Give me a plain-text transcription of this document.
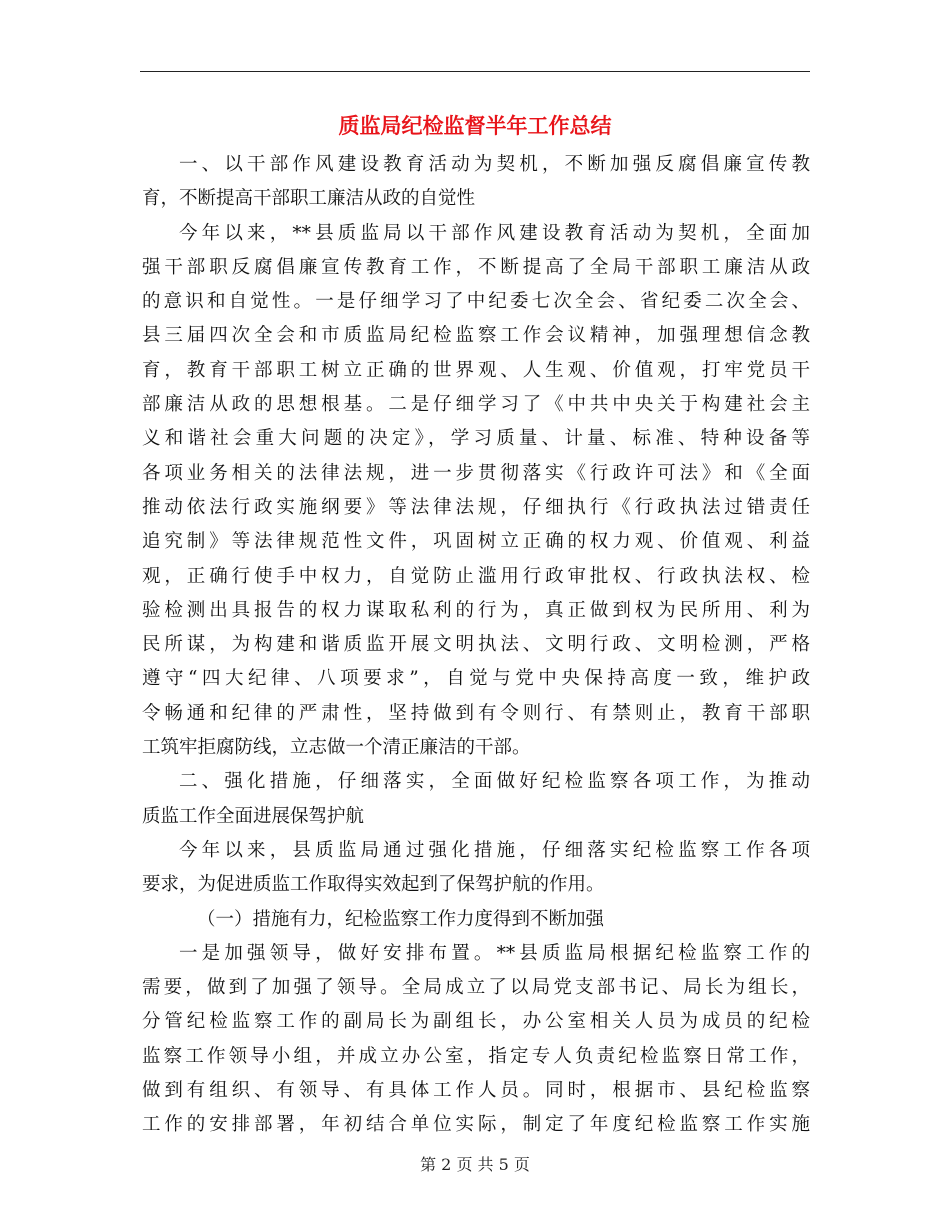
质监局纪检监督半年工作总结
一、以干部作风建设教育活动为契机，不断加强反腐倡廉宣传教
育，不断提高干部职工廉洁从政的自觉性
今年以来，**县质监局以干部作风建设教育活动为契机，全面加
强干部职反腐倡廉宣传教育工作，不断提高了全局干部职工廉洁从政
的意识和自觉性。一是仔细学习了中纪委七次全会、省纪委二次全会、
县三届四次全会和市质监局纪检监察工作会议精神，加强理想信念教
育，教育干部职工树立正确的世界观、人生观、价值观，打牢党员干
部廉洁从政的思想根基。二是仔细学习了《中共中央关于构建社会主
义和谐社会重大问题的决定》，学习质量、计量、标准、特种设备等
各项业务相关的法律法规，进一步贯彻落实《行政许可法》和《全面
推动依法行政实施纲要》等法律法规，仔细执行《行政执法过错责任
追究制》等法律规范性文件，巩固树立正确的权力观、价值观、利益
观，正确行使手中权力，自觉防止滥用行政审批权、行政执法权、检
验检测出具报告的权力谋取私利的行为，真正做到权为民所用、利为
民所谋，为构建和谐质监开展文明执法、文明行政、文明检测，严格
遵守“四大纪律、八项要求”，自觉与党中央保持高度一致，维护政
令畅通和纪律的严肃性，坚持做到有令则行、有禁则止，教育干部职
工筑牢拒腐防线，立志做一个清正廉洁的干部。
二、强化措施，仔细落实，全面做好纪检监察各项工作，为推动
质监工作全面进展保驾护航
今年以来，县质监局通过强化措施，仔细落实纪检监察工作各项
要求，为促进质监工作取得实效起到了保驾护航的作用。
（一）措施有力，纪检监察工作力度得到不断加强
一是加强领导，做好安排布置。**县质监局根据纪检监察工作的
需要，做到了加强了领导。全局成立了以局党支部书记、局长为组长，
分管纪检监察工作的副局长为副组长，办公室相关人员为成员的纪检
监察工作领导小组，并成立办公室，指定专人负责纪检监察日常工作，
做到有组织、有领导、有具体工作人员。同时，根据市、县纪检监察
工作的安排部署，年初结合单位实际，制定了年度纪检监察工作实施
第 2 页 共 5 页
